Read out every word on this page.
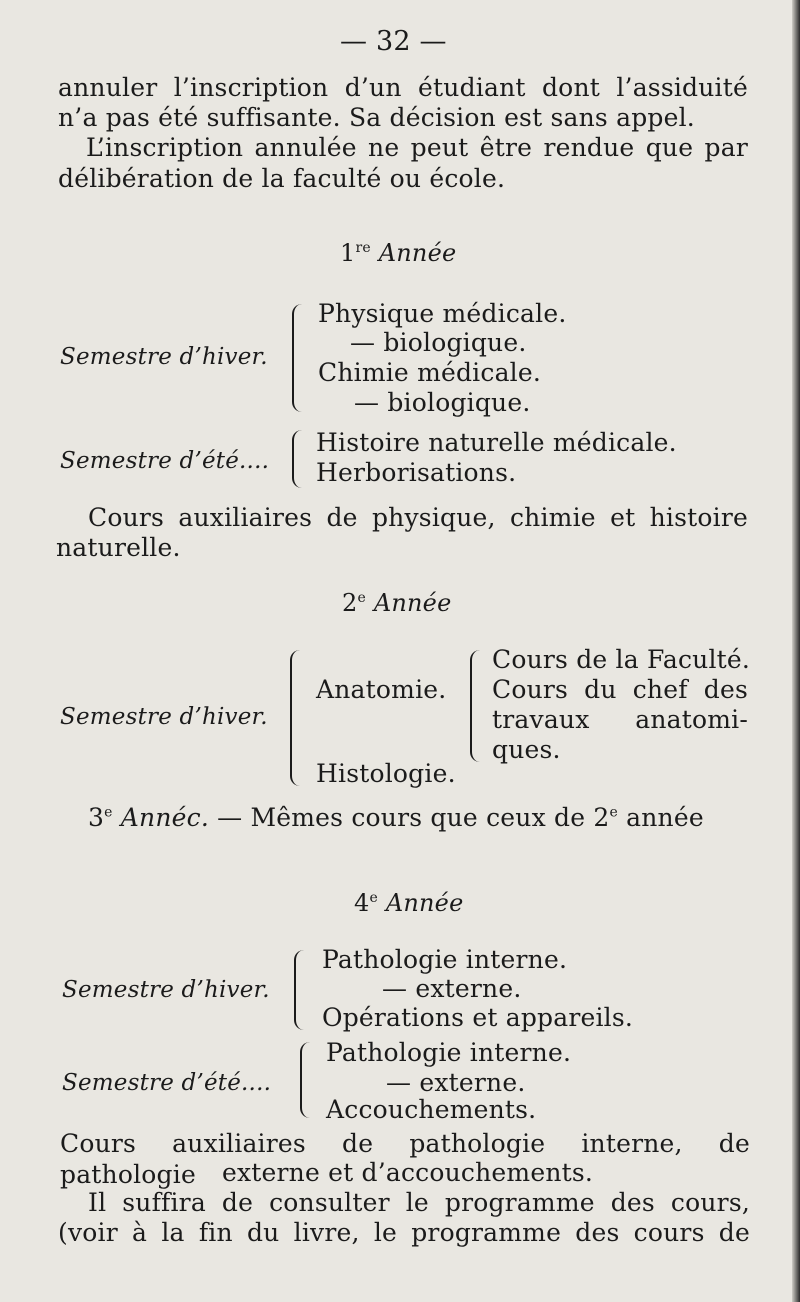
— 32 —
annuler l’inscription d’un étudiant dont l’assiduité
n’a pas été suffisante. Sa décision est sans appel.
L’inscription annulée ne peut être rendue que par
délibération de la faculté ou école.
1re Année
Semestre d’hiver.
Physique médicale.
— biologique.
Chimie médicale.
— biologique.
Semestre d’été....
Histoire naturelle médicale.
Herborisations.
Cours auxiliaires de physique, chimie et histoire
naturelle.
2e Année
Semestre d’hiver.
Anatomie.
Histologie.
Cours de la Faculté.
Cours du chef des
travaux anatomi-
ques.
3e Annéc. — Mêmes cours que ceux de 2e année
4e Année
Semestre d’hiver.
Pathologie interne.
— externe.
Opérations et appareils.
Semestre d’été....
Pathologie interne.
— externe.
Accouchements.
Cours auxiliaires de pathologie interne, de pathologie	externe et d’accouchements.
Il suffira de consulter le programme des cours,
(voir à la fin du livre, le programme des cours de
